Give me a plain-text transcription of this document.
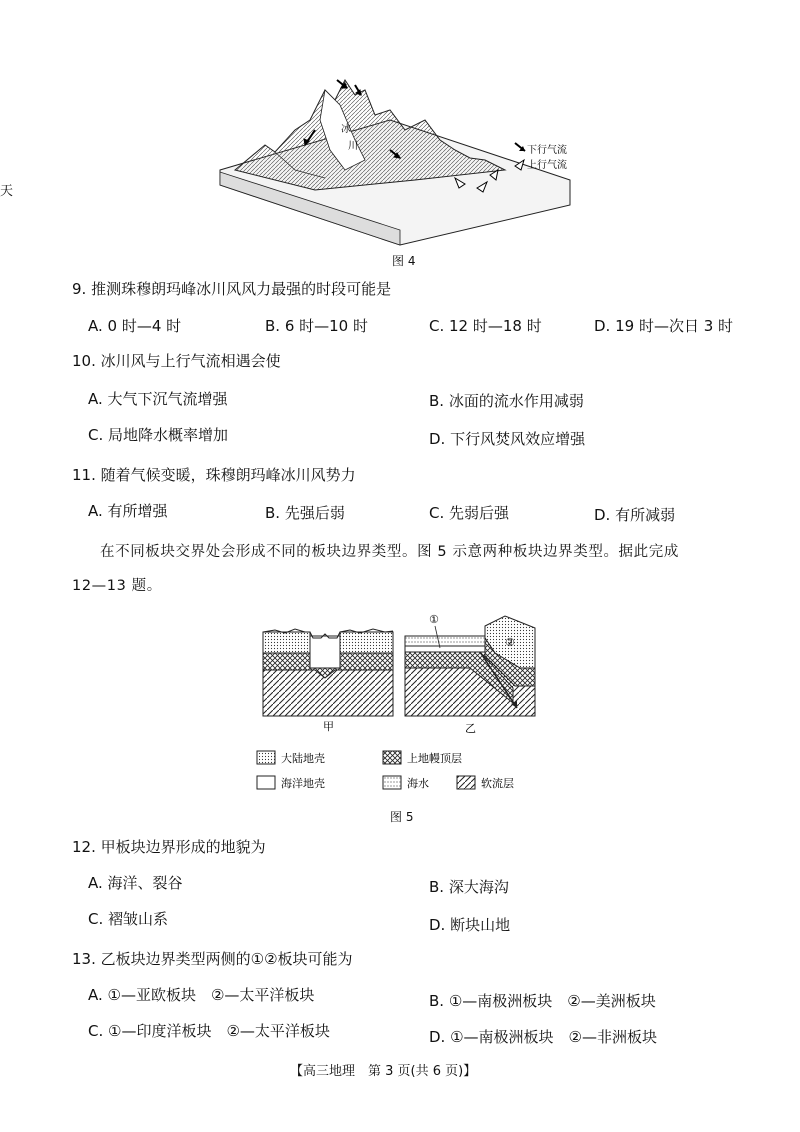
天
冰
川	下行气流
上行气流
图 4
9. 推测珠穆朗玛峰冰川风风力最强的时段可能是
A. 0 时—4 时	B. 6 时—10 时	C. 12 时—18 时	D. 19 时—次日 3 时
10. 冰川风与上行气流相遇会使
A. 大气下沉气流增强	B. 冰面的流水作用减弱
C. 局地降水概率增加	D. 下行风焚风效应增强
11. 随着气候变暖，珠穆朗玛峰冰川风势力
A. 有所增强	B. 先强后弱	C. 先弱后强	D. 有所减弱
在不同板块交界处会形成不同的板块边界类型。图 5 示意两种板块边界类型。据此完成
12—13 题。
甲	乙
①
②
大陆地壳	上地幔顶层
海洋地壳	海水	软流层
图 5
12. 甲板块边界形成的地貌为
A. 海洋、裂谷	B. 深大海沟
C. 褶皱山系	D. 断块山地
13. 乙板块边界类型两侧的①②板块可能为
A. ①—亚欧板块　②—太平洋板块	B. ①—南极洲板块　②—美洲板块
C. ①—印度洋板块　②—太平洋板块	D. ①—南极洲板块　②—非洲板块
【高三地理　第 3 页(共 6 页)】
